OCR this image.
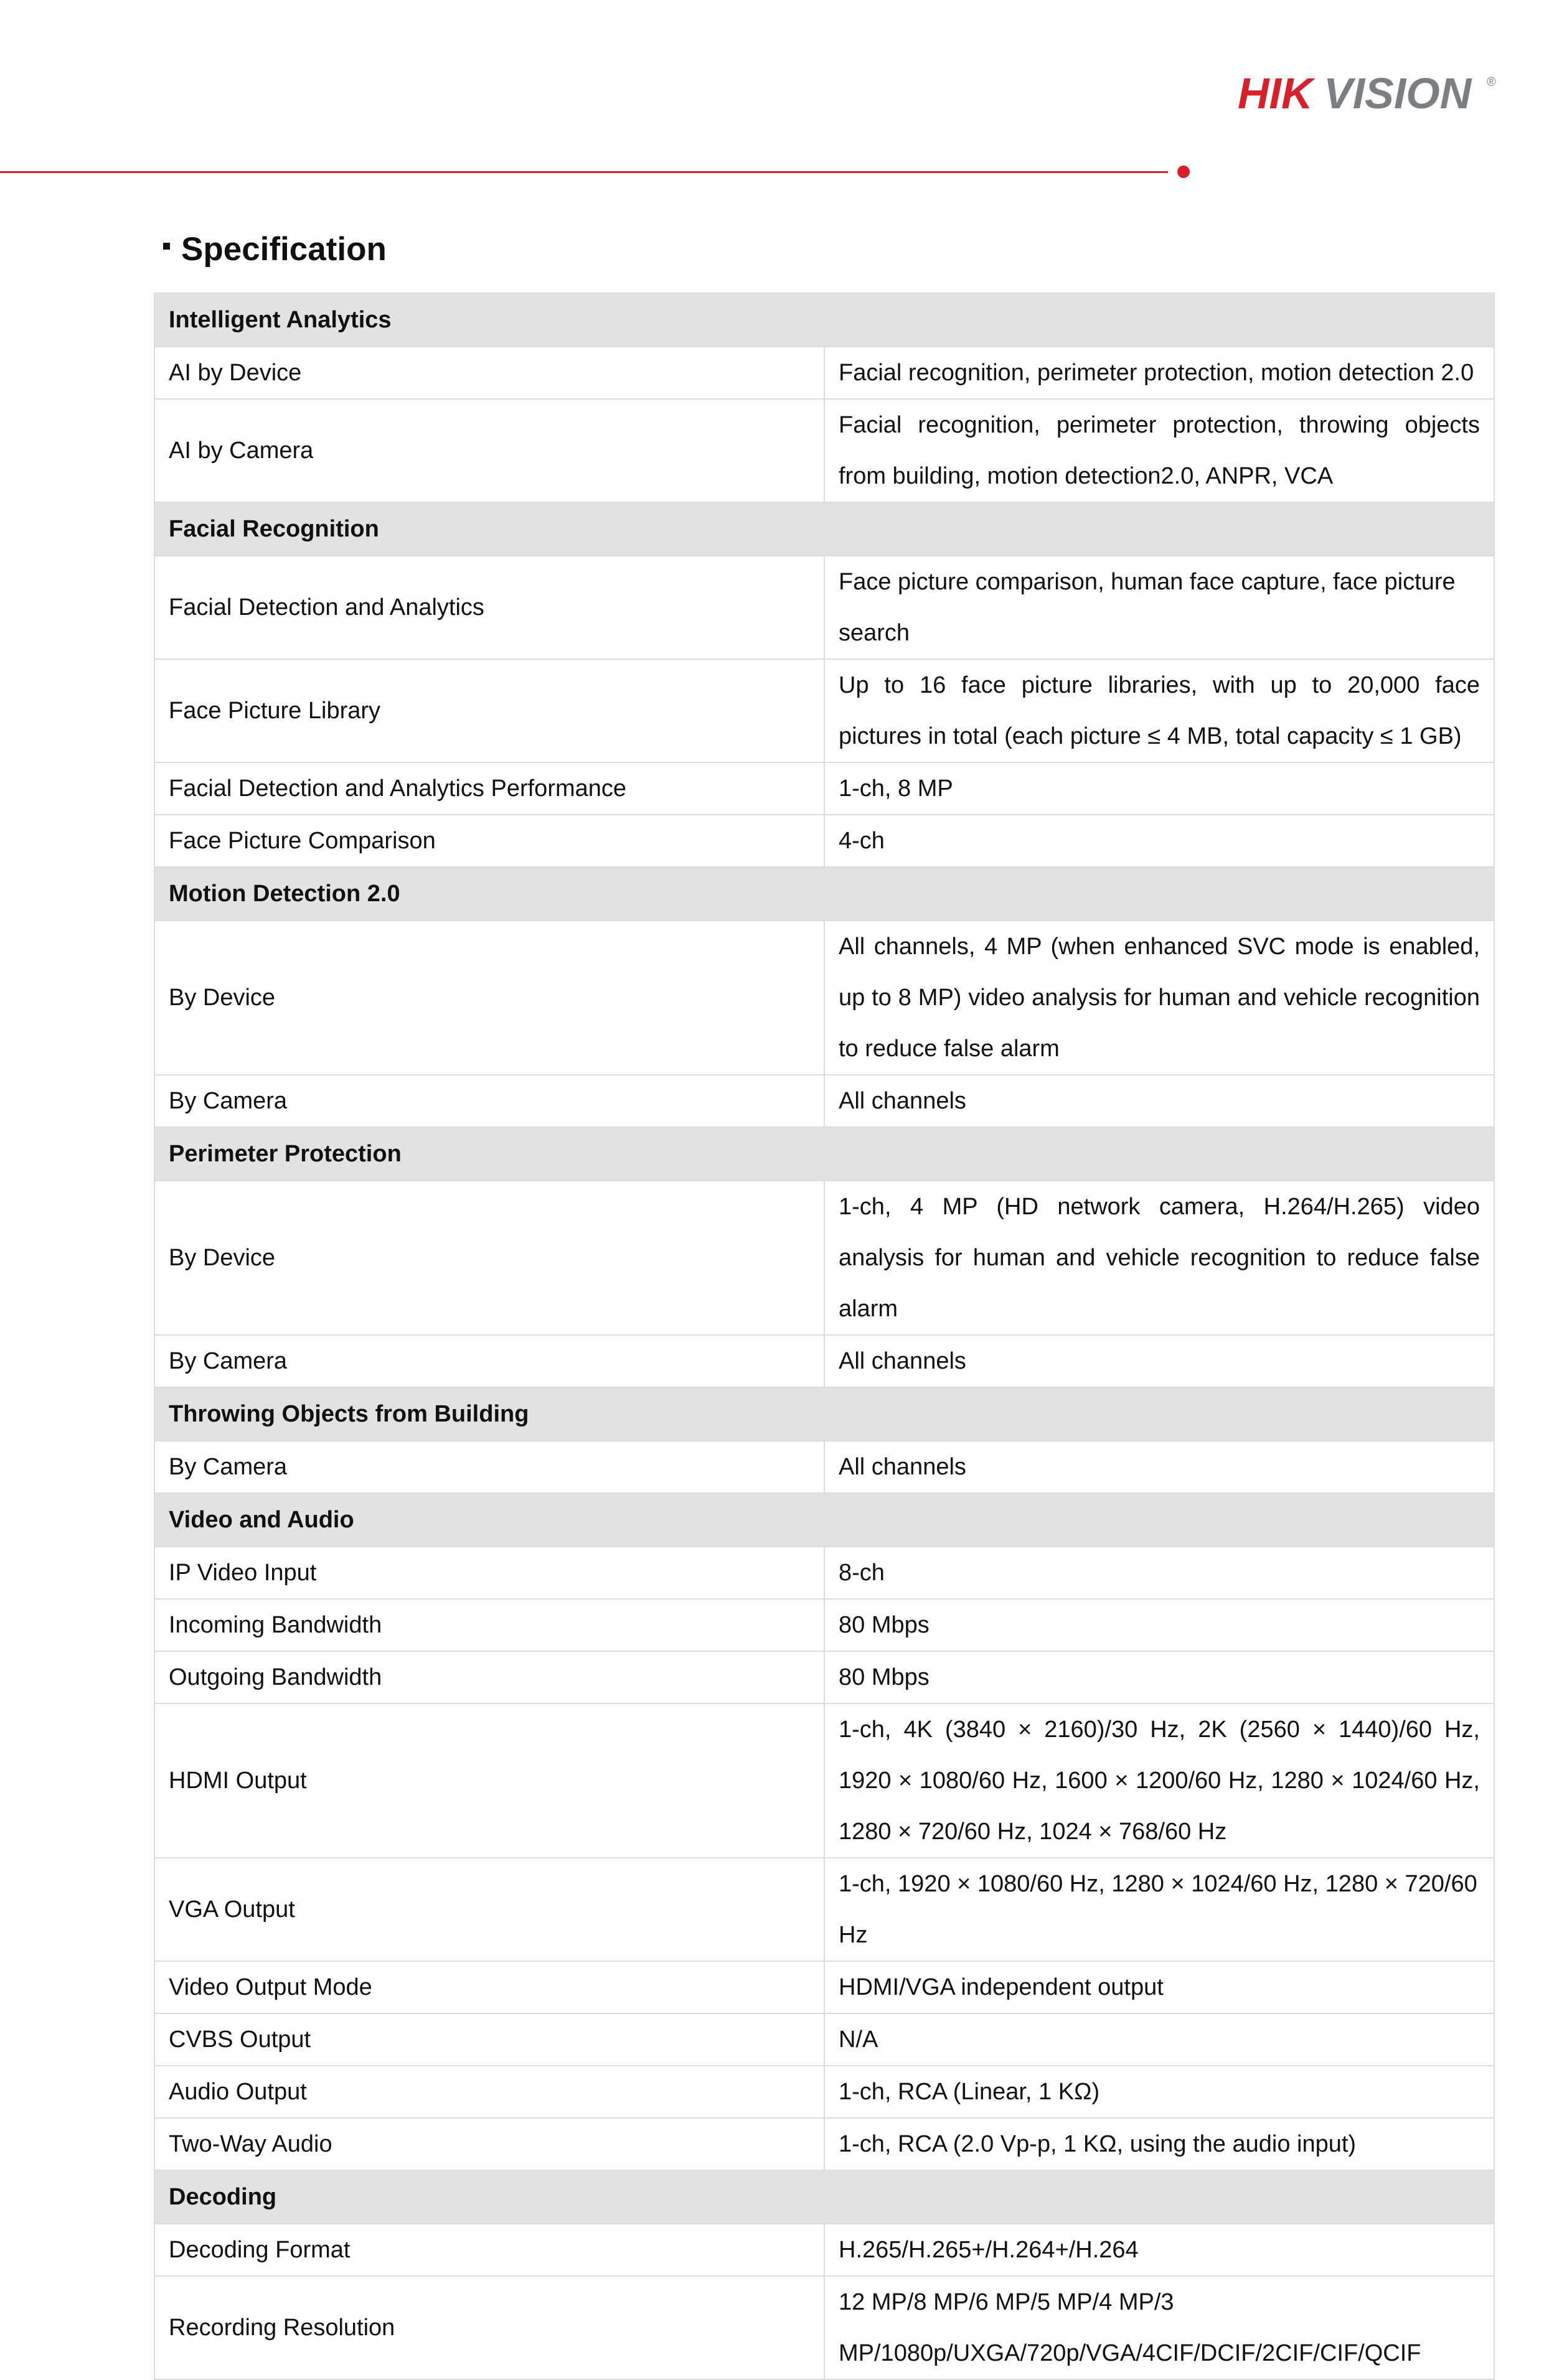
HIK VISION ®
Specification
Intelligent Analytics	
AI by Device	Facial recognition, perimeter protection, motion detection 2.0
AI by Camera	Facial recognition, perimeter protection, throwing objects from building, motion detection2.0, ANPR, VCA
Facial Recognition	
Facial Detection and Analytics	Face picture comparison, human face capture, face picture search
Face Picture Library	Up to 16 face picture libraries, with up to 20,000 face pictures in total (each picture ≤ 4 MB, total capacity ≤ 1 GB)
Facial Detection and Analytics Performance	1-ch, 8 MP
Face Picture Comparison	4-ch
Motion Detection 2.0	
By Device	All channels, 4 MP (when enhanced SVC mode is enabled, up to 8 MP) video analysis for human and vehicle recognition to reduce false alarm
By Camera	All channels
Perimeter Protection	
By Device	1-ch, 4 MP (HD network camera, H.264/H.265) video analysis for human and vehicle recognition to reduce false alarm
By Camera	All channels
Throwing Objects from Building	
By Camera	All channels
Video and Audio	
IP Video Input	8-ch
Incoming Bandwidth	80 Mbps
Outgoing Bandwidth	80 Mbps
HDMI Output	1-ch, 4K (3840 × 2160)/30 Hz, 2K (2560 × 1440)/60 Hz, 1920 × 1080/60 Hz, 1600 × 1200/60 Hz, 1280 × 1024/60 Hz, 1280 × 720/60 Hz, 1024 × 768/60 Hz
VGA Output	1-ch, 1920 × 1080/60 Hz, 1280 × 1024/60 Hz, 1280 × 720/60 Hz
Video Output Mode	HDMI/VGA independent output
CVBS Output	N/A
Audio Output	1-ch, RCA (Linear, 1 KΩ)
Two-Way Audio	1-ch, RCA (2.0 Vp-p, 1 KΩ, using the audio input)
Decoding	
Decoding Format	H.265/H.265+/H.264+/H.264
Recording Resolution	12 MP/8 MP/6 MP/5 MP/4 MP/3 MP/1080p/UXGA/720p/VGA/4CIF/DCIF/2CIF/CIF/QCIF
